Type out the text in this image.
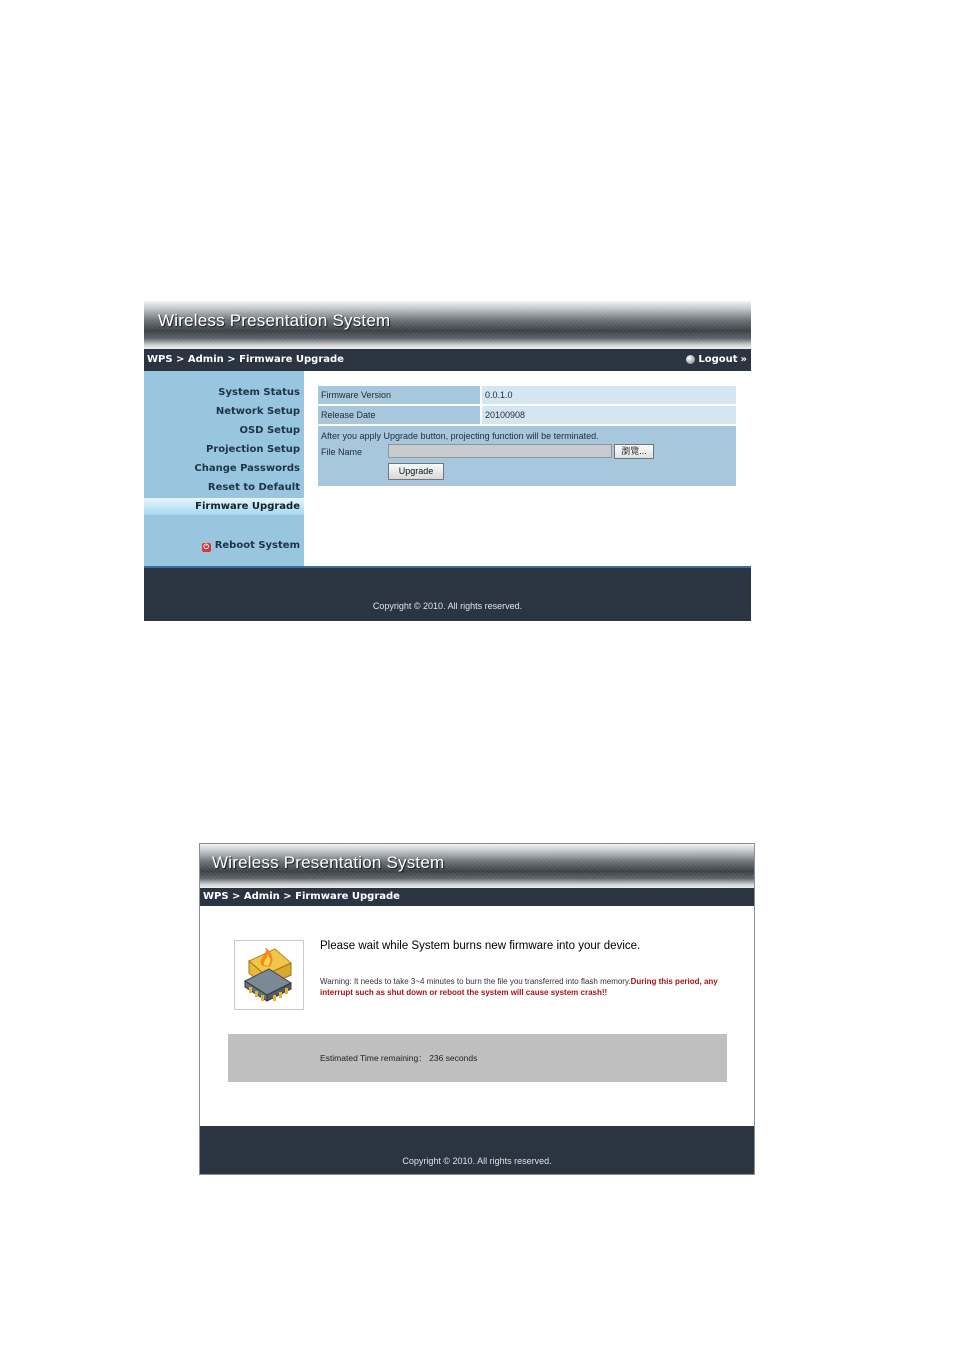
Wireless Presentation System
WPS > Admin > Firmware Upgrade	Logout »
System Status
Network Setup
OSD Setup
Projection Setup
Change Passwords
Reset to Default
Firmware Upgrade
⏻ Reboot System
Firmware Version	0.0.1.0
Release Date	20100908
After you apply Upgrade button, projecting function will be terminated.
File Name	瀏覽...
Upgrade
Copyright © 2010. All rights reserved.
Wireless Presentation System
WPS > Admin > Firmware Upgrade
Please wait while System burns new firmware into your device.
Warning: It needs to take 3~4 minutes to burn the file you transferred into flash memory.During this period, any interrupt such as shut down or reboot the system will cause system crash!!
Estimated Time remaining： 236 seconds
Copyright © 2010. All rights reserved.
